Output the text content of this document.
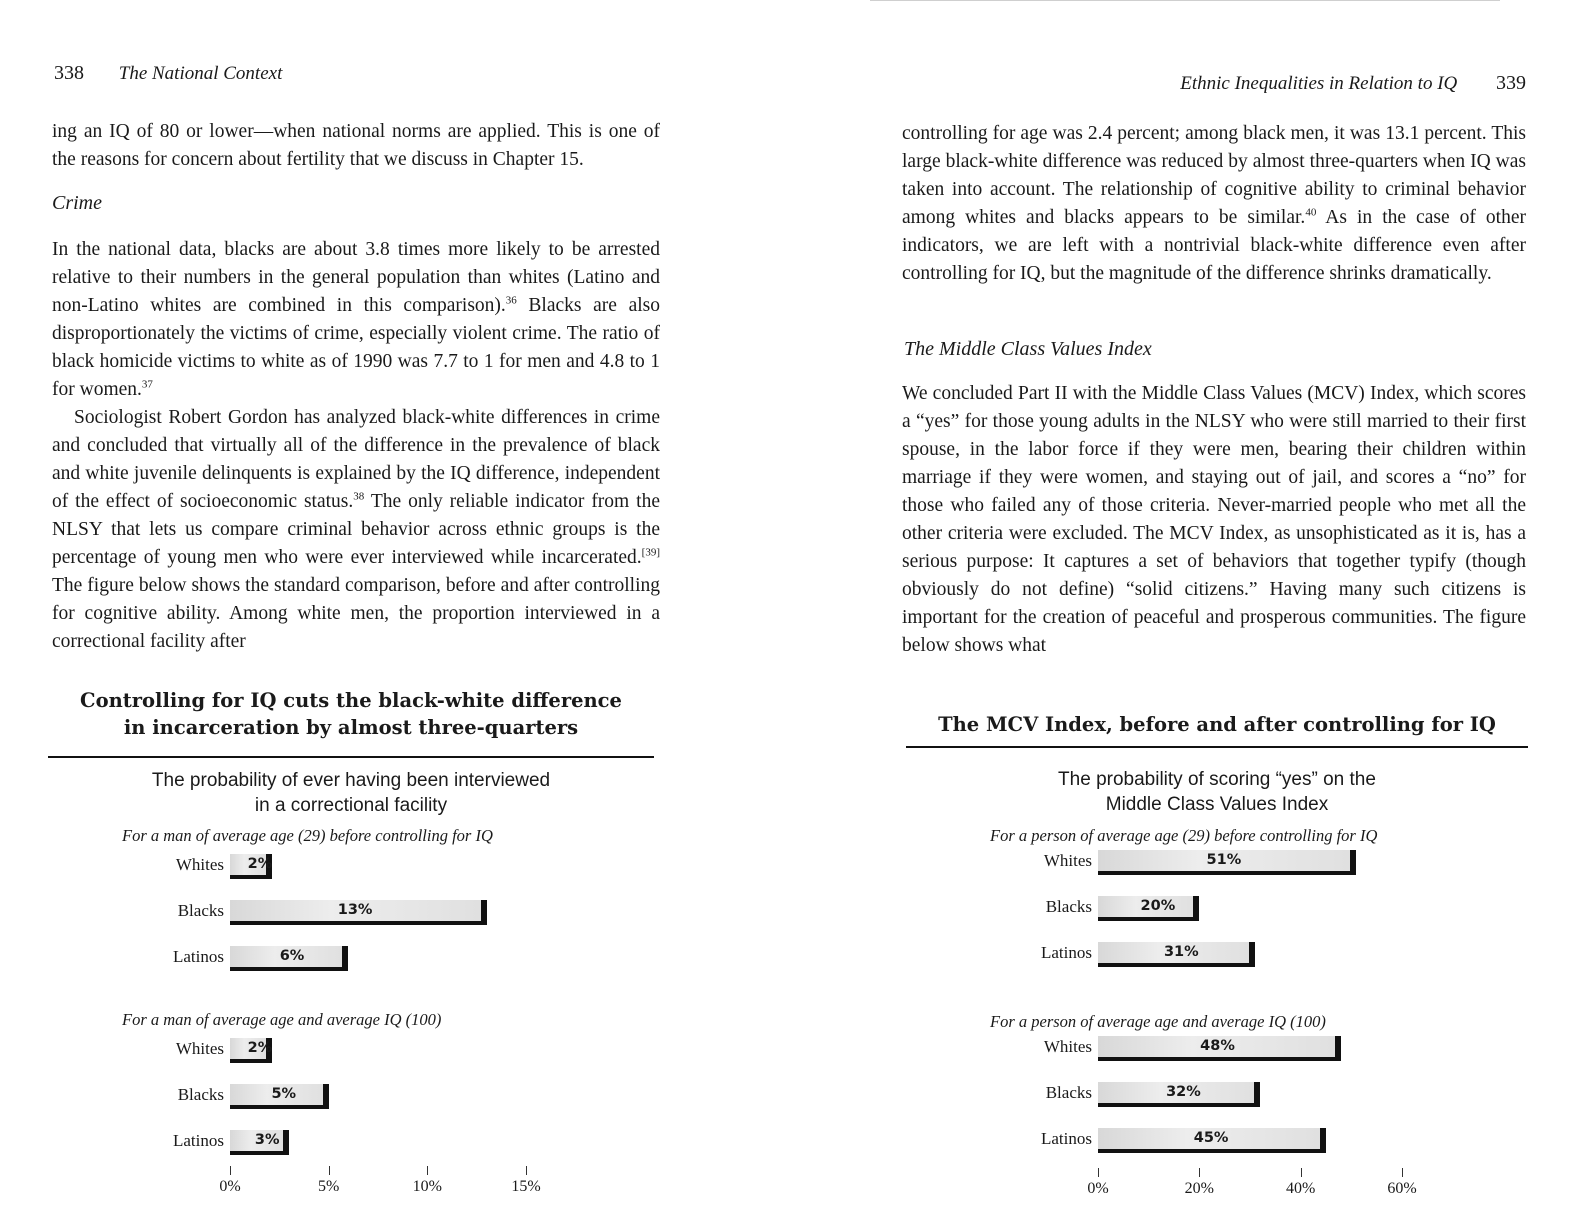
338 The National Context

ing an IQ of 80 or lower—when national norms are applied. This is one of the reasons for concern about fertility that we discuss in Chapter 15.

Crime

In the national data, blacks are about 3.8 times more likely to be arrested relative to their numbers in the general population than whites (Latino and non-Latino whites are combined in this comparison).$^{36}$ Blacks are also disproportionately the victims of crime, especially violent crime. The ratio of black homicide victims to white as of 1990 was 7.7 to 1 for men and 4.8 to 1 for women.$^{37}$

Sociologist Robert Gordon has analyzed black-white differences in crime and concluded that virtually all of the difference in the prevalence of black and white juvenile delinquents is explained by the IQ difference, independent of the effect of socioeconomic status.$^{38}$ The only reliable indicator from the NLSY that lets us compare criminal behavior across ethnic groups is the percentage of young men who were ever interviewed while incarcerated.[39] The figure below shows the standard comparison, before and after controlling for cognitive ability. Among white men, the proportion interviewed in a correctional facility after

Controlling for IQ cuts the black-white difference

in incarceration by almost three-quarters

The probability of ever having been interviewed

in a correctional facility

For a man of average age (29) before controlling for IQ

Whites 2%
Blacks	13%
Latinos	6%

For a man of average age and average IQ (100)

Whites 2%
Blacks	5%
Latinos 3%
0%	5%	10%	15%
Ethnic Inequalities in Relation to IQ 339

controlling for age was 2.4 percent; among black men, it was 13.1 percent. This large black-white difference was reduced by almost three-quarters when IQ was taken into account. The relationship of cognitive ability to criminal behavior among whites and blacks appears to be similar.$^{40}$ As in the case of other indicators, we are left with a nontrivial black-white difference even after controlling for IQ, but the magnitude of the difference shrinks dramatically.

The Middle Class Values Index

We concluded Part II with the Middle Class Values (MCV) Index, which scores a “yes” for those young adults in the NLSY who were still married to their first spouse, in the labor force if they were men, bearing their children within marriage if they were women, and staying out of jail, and scores a “no” for those who failed any of those criteria. Never-married people who met all the other criteria were excluded. The MCV Index, as unsophisticated as it is, has a serious purpose: It captures a set of behaviors that together typify (though obviously do not define) “solid citizens.” Having many such citizens is important for the creation of peaceful and prosperous communities. The figure below shows what

The MCV Index, before and after controlling for IQ

The probability of scoring “yes” on the

Middle Class Values Index

For a person of average age (29) before controlling for IQ

Whites	51%
Blacks	20%
Latinos	31%

For a person of average age and average IQ (100)

Whites	48%
Blacks	32%
Latinos	45%
0%	20%	40%	60%
